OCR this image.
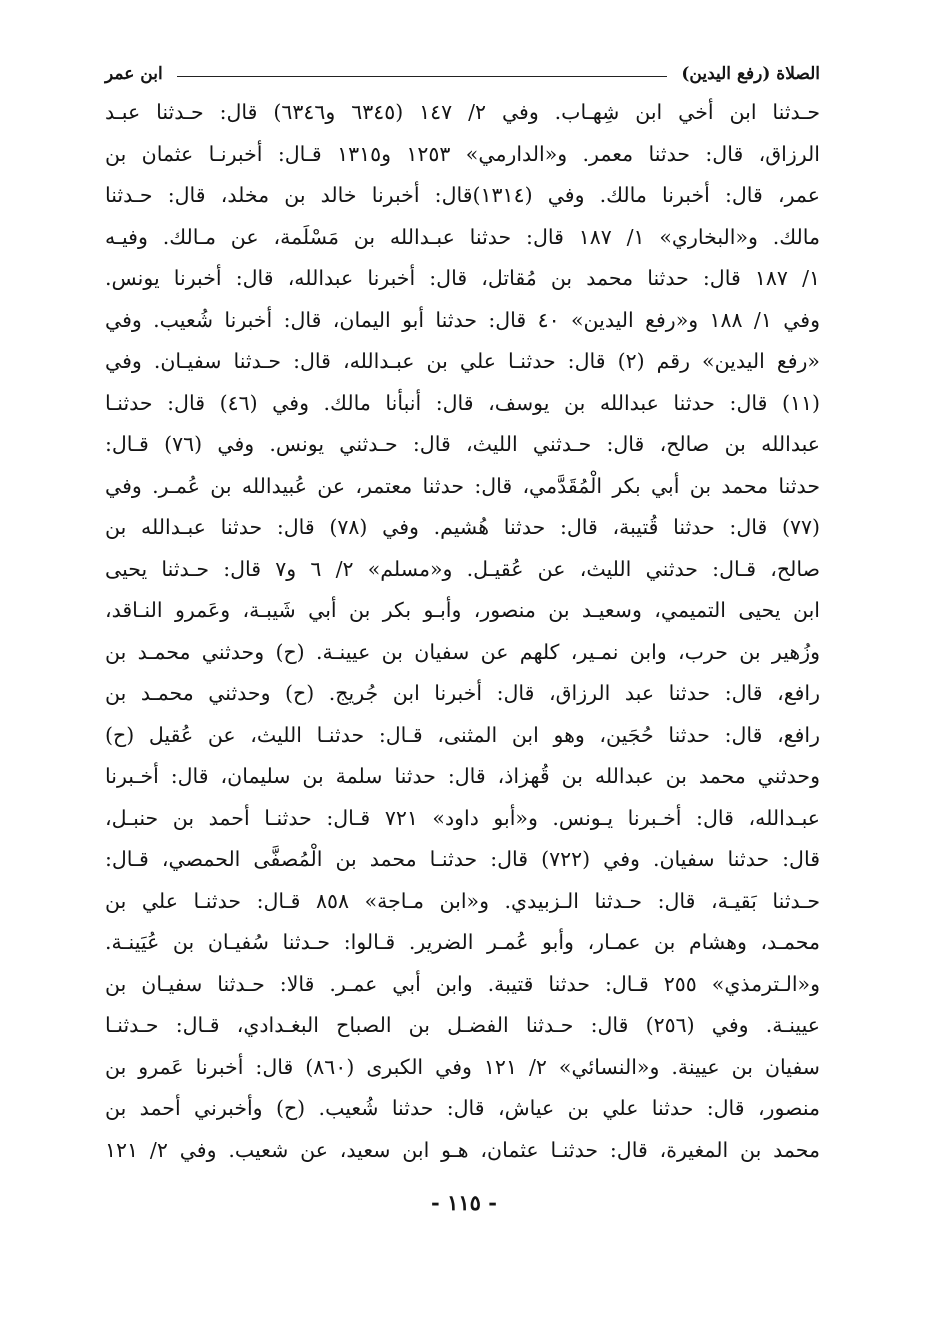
الصلاة (رفع اليدين)
ابن عمر
حـدثنا ابن أخي ابن شِهـاب. وفي ٢/ ١٤٧ (٦٣٤٥ و٦٣٤٦) قال: حـدثنا عبـد
الرزاق، قال: حدثنا معمر. و«الدارمي» ١٢٥٣ و١٣١٥ قـال: أخبرنـا عثمان بن
عمر، قال: أخبرنا مالك. وفي (١٣١٤)قال: أخبرنا خالد بن مخلد، قال: حـدثنا
مالك. و«البخاري» ١/ ١٨٧ قال: حدثنا عبـدالله بن مَسْلَمة، عن مـالك. وفيـه
١/ ١٨٧ قال: حدثنا محمد بن مُقاتل، قال: أخبرنا عبدالله، قال: أخبرنا يونس.
وفي ١/ ١٨٨ و«رفع اليدين» ٤٠ قال: حدثنا أبو اليمان، قال: أخبرنا شُعيب. وفي
«رفع اليدين» رقم (٢) قال: حدثنـا علي بن عبـدالله، قال: حـدثنا سفيـان. وفي
(١١) قال: حدثنا عبدالله بن يوسف، قال: أنبأنا مالك. وفي (٤٦) قال: حدثنـا
عبدالله بن صالح، قال: حـدثني الليث، قال: حـدثني يونس. وفي (٧٦) قـال:
حدثنا محمد بن أبي بكر الْمُقَدَّمي، قال: حدثنا معتمر، عن عُبيدالله بن عُمـر. وفي
(٧٧) قال: حدثنا قُتيبة، قال: حدثنا هُشيم. وفي (٧٨) قال: حدثنا عبـدالله بن
صالح، قـال: حدثني الليث، عن عُقيـل. و«مسلم» ٢/ ٦ و٧ قال: حـدثنا يحيى
ابن يحيى التميمي، وسعيـد بن منصور، وأبـو بكر بن أبي شَيبـة، وعَمرو النـاقد،
وزُهير بن حرب، وابن نمـير، كلهم عن سفيان بن عيينـة. (ح) وحدثني محمـد بن
رافع، قال: حدثنا عبد الرزاق، قال: أخبرنا ابن جُريج. (ح) وحدثني محمـد بن
رافع، قال: حدثنا حُجَين، وهو ابن المثنى، قـال: حدثنـا الليث، عن عُقيل (ح)
وحدثني محمد بن عبدالله بن قُهزاذ، قال: حدثنا سلمة بن سليمان، قال: أخـبرنا
عبـدالله، قال: أخـبرنا يـونس. و«أبو داود» ٧٢١ قـال: حدثنـا أحمد بن حنبـل،
قال: حدثنا سفيان. وفي (٧٢٢) قال: حدثنـا محمد بن الْمُصفَّى الحمصي، قـال:
حـدثنا بَقيـة، قال: حـدثنا الـزبيدي. و«ابن مـاجة» ٨٥٨ قـال: حدثنـا علي بن
محمـد، وهشام بن عمـار، وأبو عُمـر الضرير. قـالوا: حـدثنا سُفيـان بن عُيَينـة.
و«الـترمذي» ٢٥٥ قـال: حدثنا قتيبة. وابن أبي عمـر. قالا: حـدثنا سفيـان بن
عيينـة. وفي (٢٥٦) قال: حـدثنا الفضـل بن الصباح البغـدادي، قـال: حـدثنـا
سفيان بن عيينة. و«النسائي» ٢/ ١٢١ وفي الكبرى (٨٦٠) قال: أخبرنا عَمرو بن
منصور، قال: حدثنا علي بن عياش، قال: حدثنا شُعيب. (ح) وأخبرني أحمد بن
محمد بن المغيرة، قال: حدثنـا عثمان، هـو ابن سعيد، عن شعيب. وفي ٢/ ١٢١
- ١١٥ -
